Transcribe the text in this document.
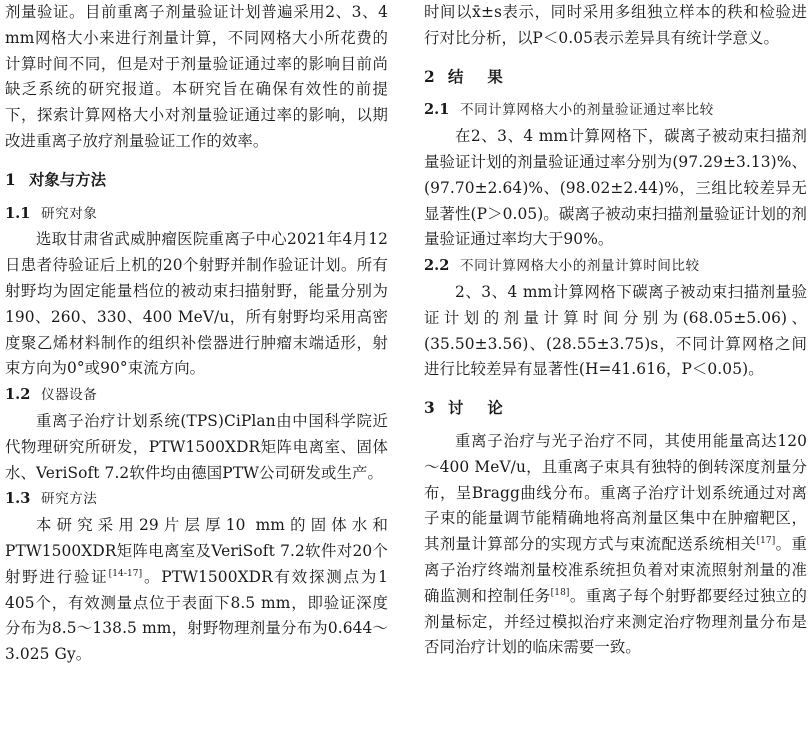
剂量验证。目前重离子剂量验证计划普遍采用2、3、4 mm网格大小来进行剂量计算，不同网格大小所花费的计算时间不同，但是对于剂量验证通过率的影响目前尚缺乏系统的研究报道。本研究旨在确保有效性的前提下，探索计算网格大小对剂量验证通过率的影响，以期改进重离子放疗剂量验证工作的效率。

1 对象与方法

1.1 研究对象

选取甘肃省武威肿瘤医院重离子中心2021年4月12日患者待验证后上机的20个射野并制作验证计划。所有射野均为固定能量档位的被动束扫描射野，能量分别为190、260、330、400 MeV/u，所有射野均采用高密度聚乙烯材料制作的组织补偿器进行肿瘤末端适形，射束方向为0°或90°束流方向。

1.2 仪器设备

重离子治疗计划系统(TPS)CiPlan由中国科学院近代物理研究所研发，PTW1500XDR矩阵电离室、固体水、VeriSoft 7.2软件均由德国PTW公司研发或生产。

1.3 研究方法

本研究采用29片层厚10 mm的固体水和PTW1500XDR矩阵电离室及VeriSoft 7.2软件对20个射野进行验证[14-17]。PTW1500XDR有效探测点为1 405个，有效测量点位于表面下8.5 mm，即验证深度分布为8.5～138.5 mm，射野物理剂量分布为0.644～3.025 Gy。

时间以x̄±s表示，同时采用多组独立样本的秩和检验进行对比分析，以P＜0.05表示差异具有统计学意义。

2 结 果

2.1 不同计算网格大小的剂量验证通过率比较

在2、3、4 mm计算网格下，碳离子被动束扫描剂量验证计划的剂量验证通过率分别为(97.29±3.13)%、(97.70±2.64)%、(98.02±2.44)%，三组比较差异无显著性(P＞0.05)。碳离子被动束扫描剂量验证计划的剂量验证通过率均大于90%。

2.2 不同计算网格大小的剂量计算时间比较

2、3、4 mm计算网格下碳离子被动束扫描剂量验证计划的剂量计算时间分别为(68.05±5.06)、(35.50±3.56)、(28.55±3.75)s，不同计算网格之间进行比较差异有显著性(H=41.616，P＜0.05)。

3 讨 论

重离子治疗与光子治疗不同，其使用能量高达120～400 MeV/u，且重离子束具有独特的倒转深度剂量分布，呈Bragg曲线分布。重离子治疗计划系统通过对离子束的能量调节能精确地将高剂量区集中在肿瘤靶区，其剂量计算部分的实现方式与束流配送系统相关[17]。重离子治疗终端剂量校准系统担负着对束流照射剂量的准确监测和控制任务[18]。重离子每个射野都要经过独立的剂量标定，并经过模拟治疗来测定治疗物理剂量分布是否同治疗计划的临床需要一致。
